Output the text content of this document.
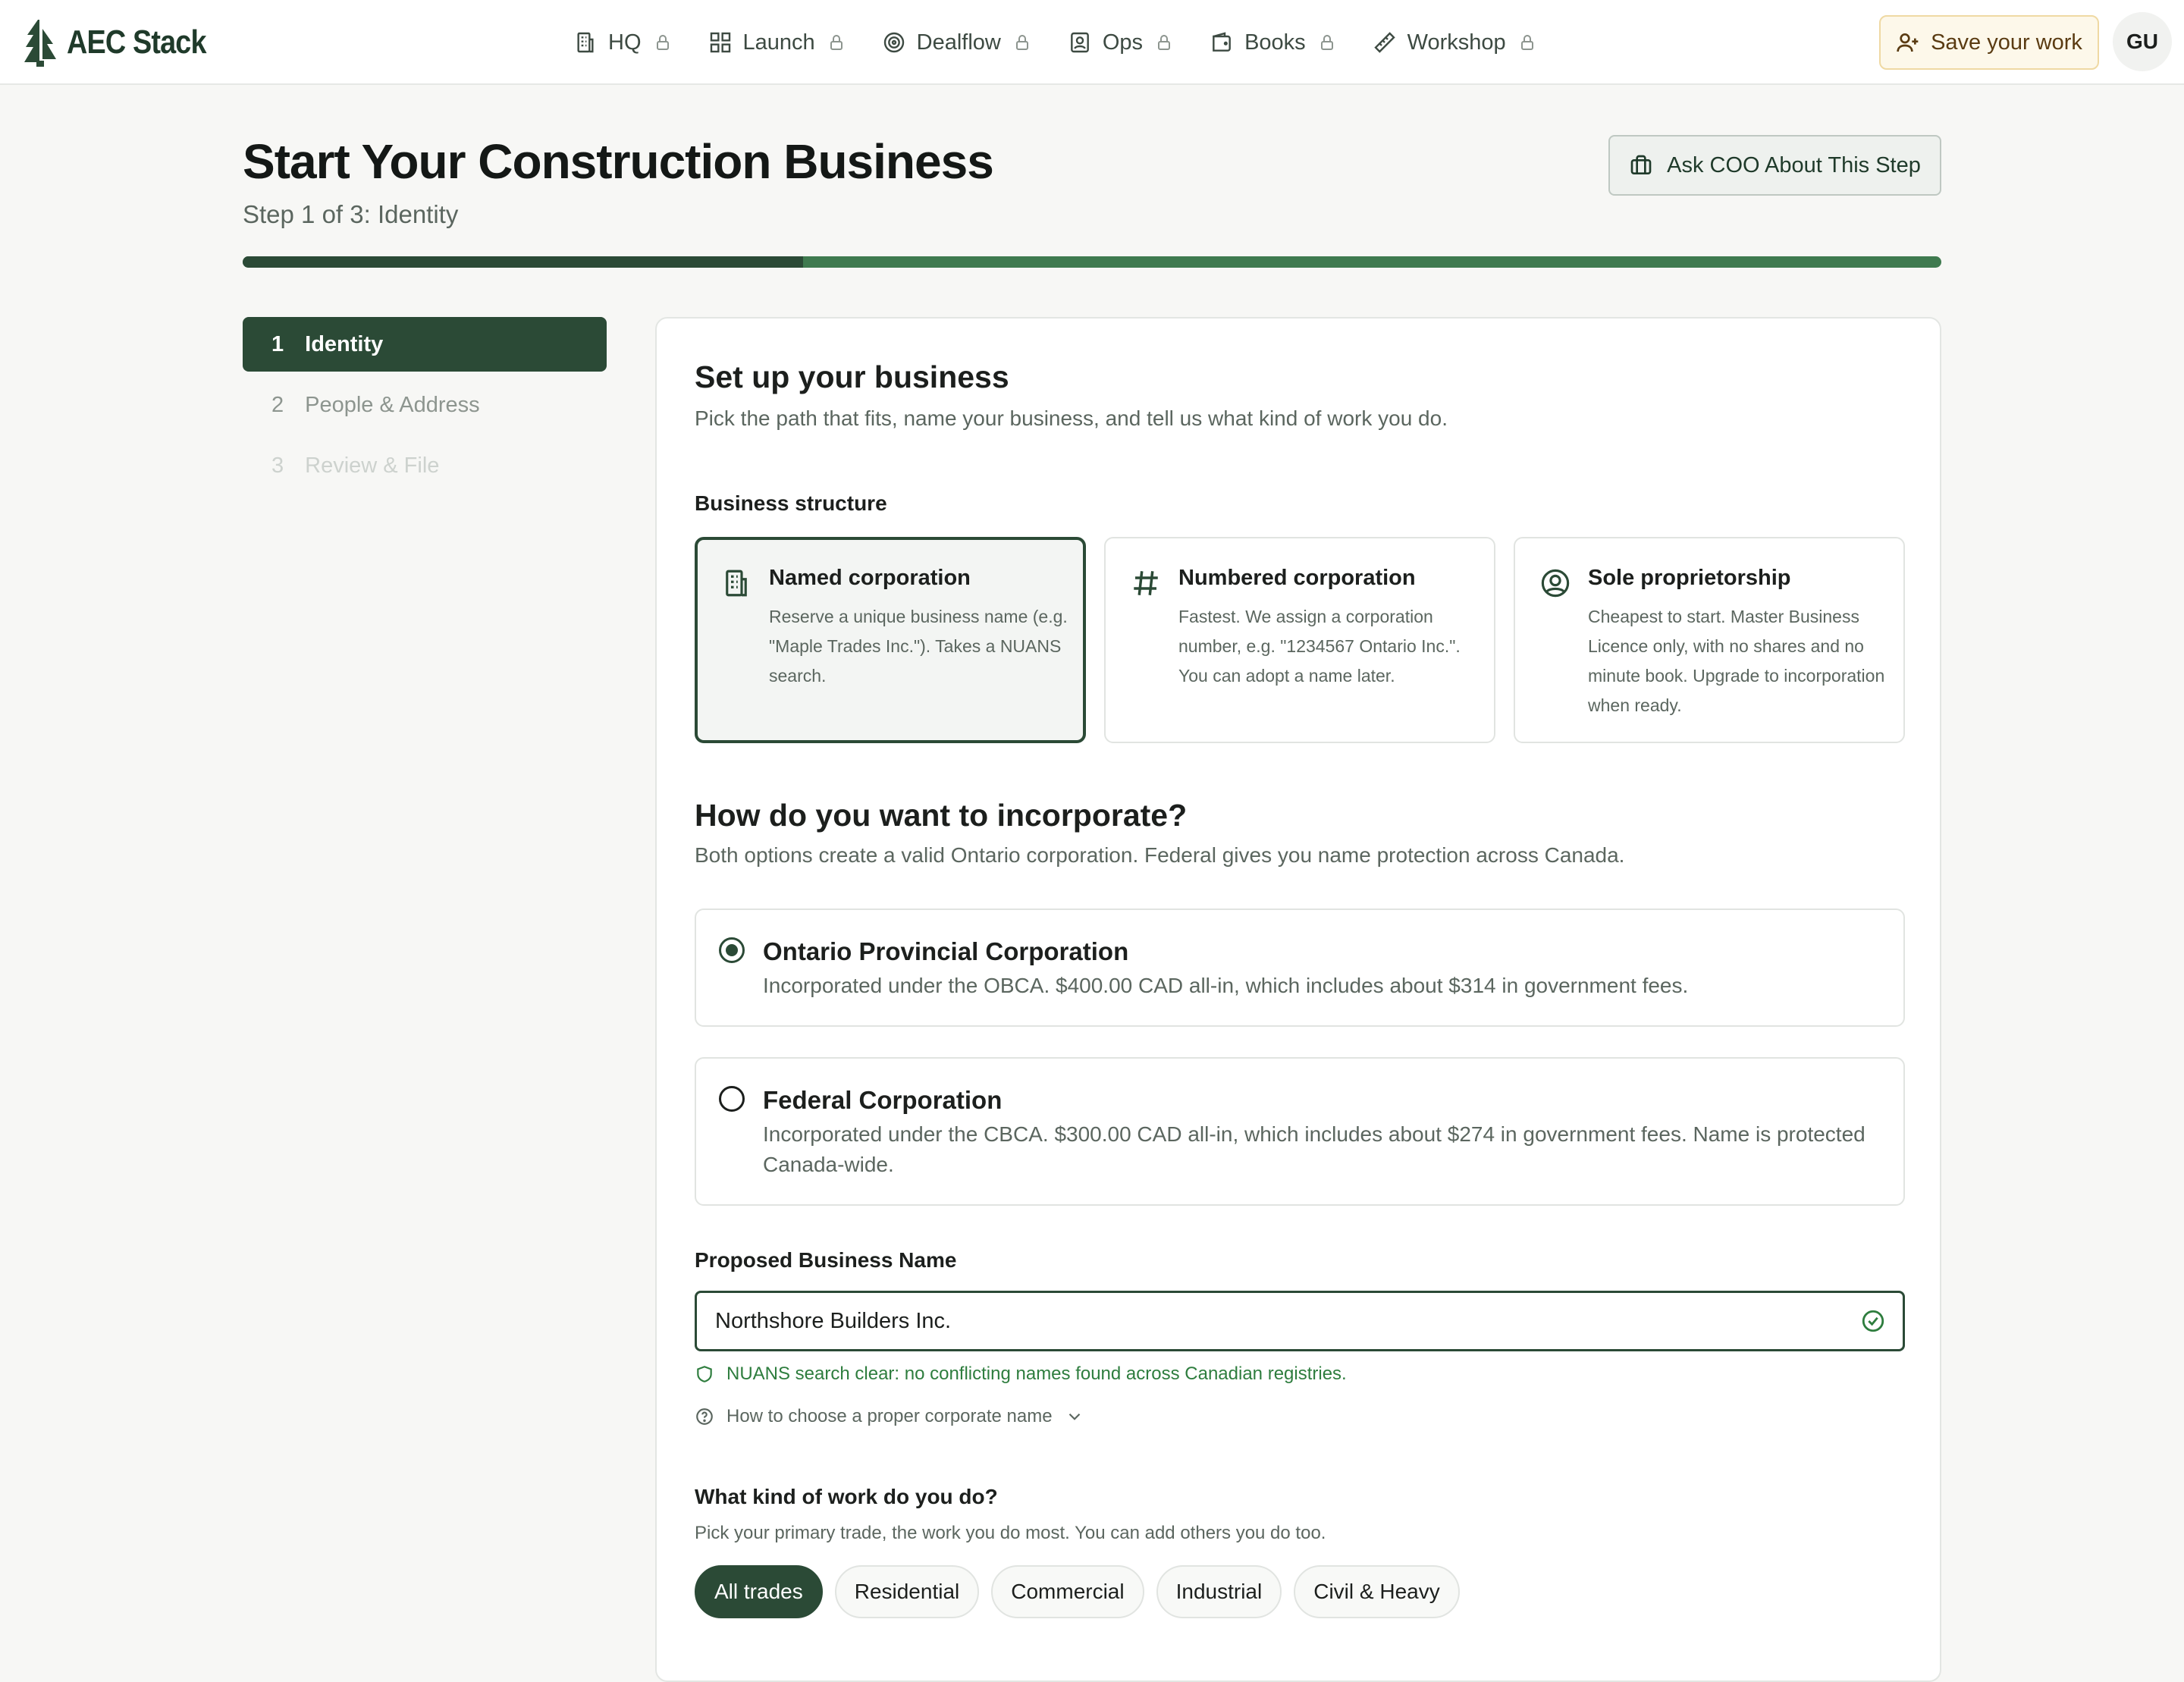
AEC Stack	HQ	Launch	Dealflow	Ops	Books	Workshop	Save your work	GU
Start Your Construction Business
Step 1 of 3: Identity
Ask COO About This Step
1 Identity
2 People & Address
3 Review & File
Set up your business
Pick the path that fits, name your business, and tell us what kind of work you do.
Business structure
Named corporation
Reserve a unique business name (e.g. "Maple Trades Inc."). Takes a NUANS search.
Numbered corporation
Fastest. We assign a corporation number, e.g. "1234567 Ontario Inc.". You can adopt a name later.
Sole proprietorship
Cheapest to start. Master Business Licence only, with no shares and no minute book. Upgrade to incorporation when ready.
How do you want to incorporate?
Both options create a valid Ontario corporation. Federal gives you name protection across Canada.
Ontario Provincial Corporation
Incorporated under the OBCA. $400.00 CAD all-in, which includes about $314 in government fees.
Federal Corporation
Incorporated under the CBCA. $300.00 CAD all-in, which includes about $274 in government fees. Name is protected Canada-wide.
Proposed Business Name
Northshore Builders Inc.
NUANS search clear: no conflicting names found across Canadian registries.
How to choose a proper corporate name
What kind of work do you do?
Pick your primary trade, the work you do most. You can add others you do too.
All trades	Residential	Commercial	Industrial	Civil & Heavy
